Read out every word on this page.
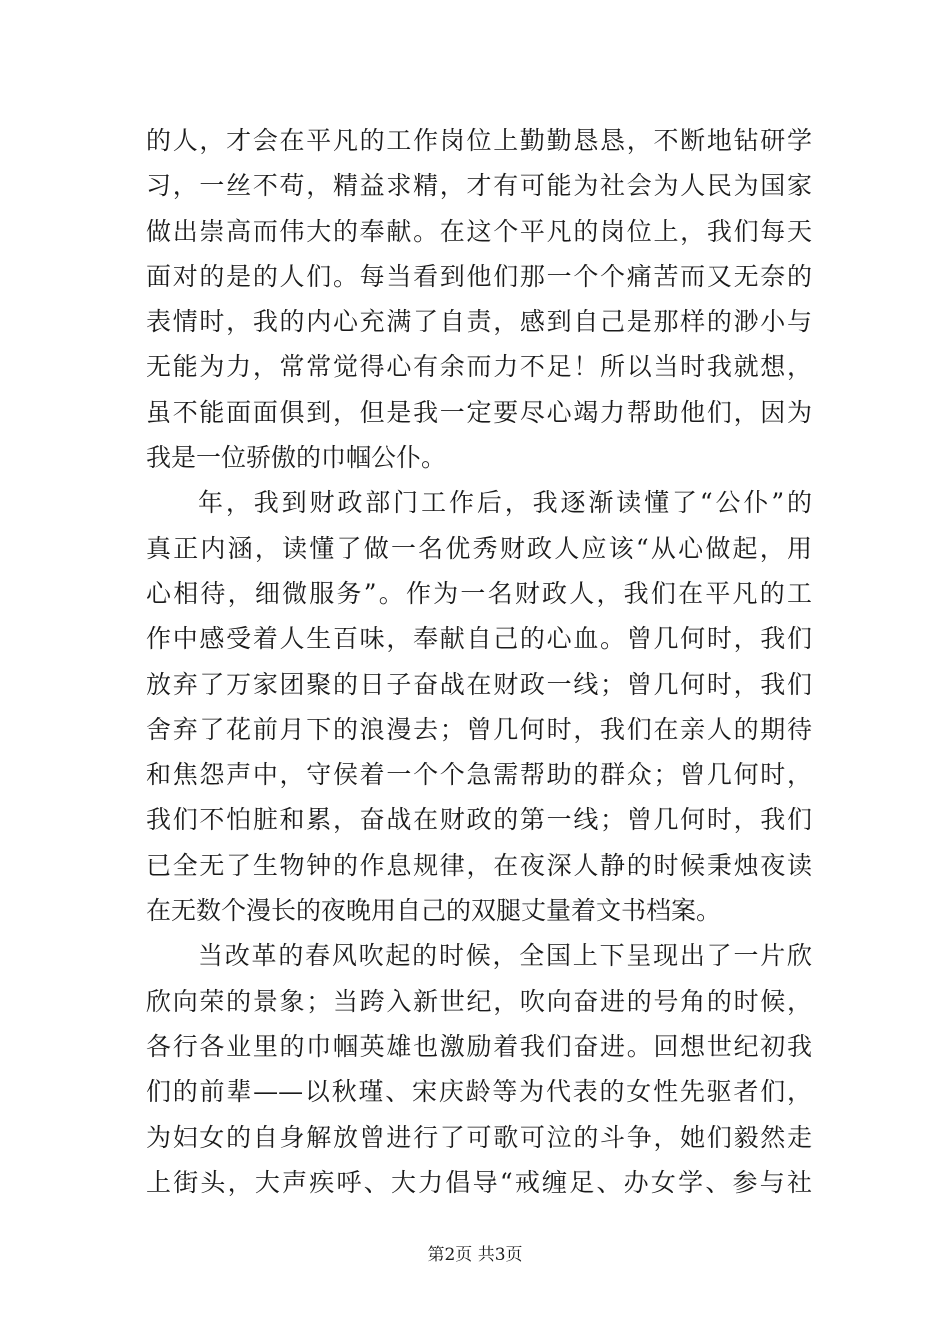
的人，才会在平凡的工作岗位上勤勤恳恳，不断地钻研学
习，一丝不苟，精益求精，才有可能为社会为人民为国家
做出崇高而伟大的奉献。在这个平凡的岗位上，我们每天
面对的是的人们。每当看到他们那一个个痛苦而又无奈的
表情时，我的内心充满了自责，感到自己是那样的渺小与
无能为力，常常觉得心有余而力不足！所以当时我就想，
虽不能面面俱到，但是我一定要尽心竭力帮助他们，因为
我是一位骄傲的巾帼公仆。
年，我到财政部门工作后，我逐渐读懂了“公仆”的
真正内涵，读懂了做一名优秀财政人应该“从心做起，用
心相待，细微服务”。作为一名财政人，我们在平凡的工
作中感受着人生百味，奉献自己的心血。曾几何时，我们
放弃了万家团聚的日子奋战在财政一线；曾几何时，我们
舍弃了花前月下的浪漫去；曾几何时，我们在亲人的期待
和焦怨声中，守侯着一个个急需帮助的群众；曾几何时，
我们不怕脏和累，奋战在财政的第一线；曾几何时，我们
已全无了生物钟的作息规律，在夜深人静的时候秉烛夜读
在无数个漫长的夜晚用自己的双腿丈量着文书档案。
当改革的春风吹起的时候，全国上下呈现出了一片欣
欣向荣的景象；当跨入新世纪，吹向奋进的号角的时候，
各行各业里的巾帼英雄也激励着我们奋进。回想世纪初我
们的前辈——以秋瑾、宋庆龄等为代表的女性先驱者们，
为妇女的自身解放曾进行了可歌可泣的斗争，她们毅然走
上街头，大声疾呼、大力倡导“戒缠足、办女学、参与社
第2页 共3页
